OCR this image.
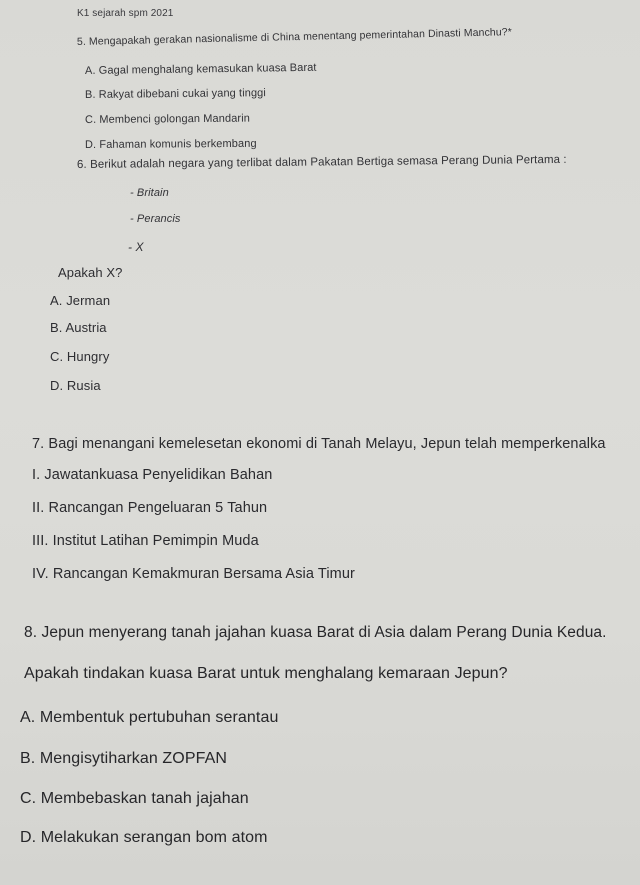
K1 sejarah spm 2021
5. Mengapakah gerakan nasionalisme di China menentang pemerintahan Dinasti Manchu?*
A. Gagal menghalang kemasukan kuasa Barat
B. Rakyat dibebani cukai yang tinggi
C. Membenci golongan Mandarin
D. Fahaman komunis berkembang
6. Berikut adalah negara yang terlibat dalam Pakatan Bertiga semasa Perang Dunia Pertama :
- Britain
- Perancis
- X
Apakah X?
A. Jerman
B. Austria
C. Hungry
D. Rusia
7. Bagi menangani kemelesetan ekonomi di Tanah Melayu, Jepun telah memperkenalka
I. Jawatankuasa Penyelidikan Bahan
II. Rancangan Pengeluaran 5 Tahun
III. Institut Latihan Pemimpin Muda
IV. Rancangan Kemakmuran Bersama Asia Timur
8. Jepun menyerang tanah jajahan kuasa Barat di Asia dalam Perang Dunia Kedua.
Apakah tindakan kuasa Barat untuk menghalang kemaraan Jepun?
A. Membentuk pertubuhan serantau
B. Mengisytiharkan ZOPFAN
C. Membebaskan tanah jajahan
D. Melakukan serangan bom atom
